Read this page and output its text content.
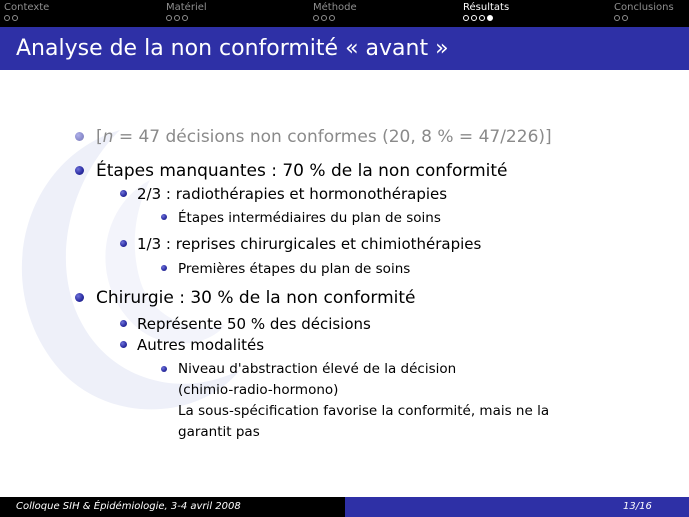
Contexte	Matériel	Méthode	Résultats	Conclusions
Analyse de la non conformité « avant »
[n = 47 décisions non conformes (20, 8 % = 47/226)]
Étapes manquantes : 70 % de la non conformité
2/3 : radiothérapies et hormonothérapies
Étapes intermédiaires du plan de soins
1/3 : reprises chirurgicales et chimiothérapies
Premières étapes du plan de soins
Chirurgie : 30 % de la non conformité
Représente 50 % des décisions
Autres modalités
Niveau d'abstraction élevé de la décision
(chimio-radio-hormono)
La sous-spécification favorise la conformité, mais ne la
garantit pas
Colloque SIH & Épidémiologie, 3-4 avril 2008	13/16
